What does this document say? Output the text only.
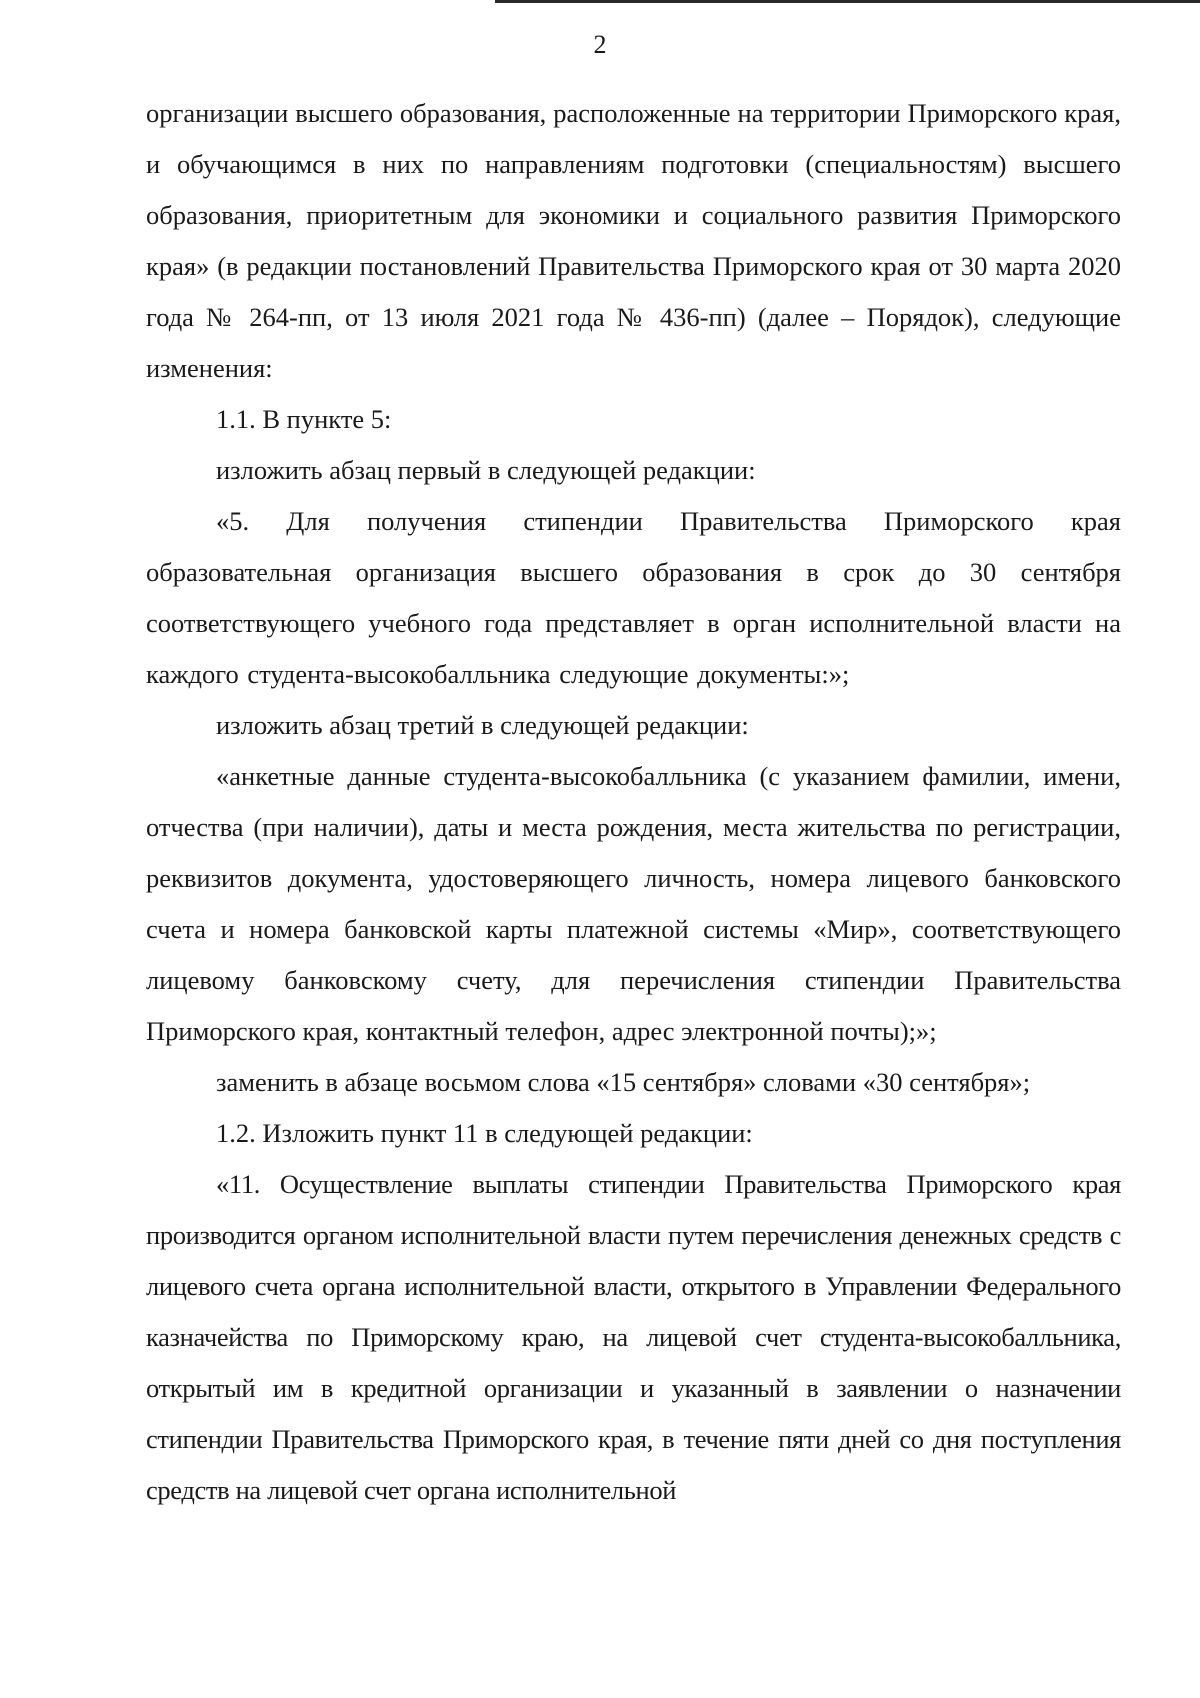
2

организации высшего образования, расположенные на территории Приморского края, и обучающимся в них по направлениям подготовки (специальностям) высшего образования, приоритетным для экономики и социального развития Приморского края» (в редакции постановлений Правительства Приморского края от 30 марта 2020 года № 264-пп, от 13 июля 2021 года № 436-пп) (далее – Порядок), следующие изменения:

1.1. В пункте 5:

изложить абзац первый в следующей редакции:

«5. Для получения стипендии Правительства Приморского края образовательная организация высшего образования в срок до 30 сентября соответствующего учебного года представляет в орган исполнительной власти на каждого студента-высокобалльника следующие документы:»;

изложить абзац третий в следующей редакции:

«анкетные данные студента-высокобалльника (с указанием фамилии, имени, отчества (при наличии), даты и места рождения, места жительства по регистрации, реквизитов документа, удостоверяющего личность, номера лицевого банковского счета и номера банковской карты платежной системы «Мир», соответствующего лицевому банковскому счету, для перечисления стипендии Правительства Приморского края, контактный телефон, адрес электронной почты);»;

заменить в абзаце восьмом слова «15 сентября» словами «30 сентября»;

1.2. Изложить пункт 11 в следующей редакции:

«11. Осуществление выплаты стипендии Правительства Приморского края производится органом исполнительной власти путем перечисления денежных средств с лицевого счета органа исполнительной власти, открытого в Управлении Федерального казначейства по Приморскому краю, на лицевой счет студента-высокобалльника, открытый им в кредитной организации и указанный в заявлении о назначении стипендии Правительства Приморского края, в течение пяти дней со дня поступления средств на лицевой счет органа исполнительной
